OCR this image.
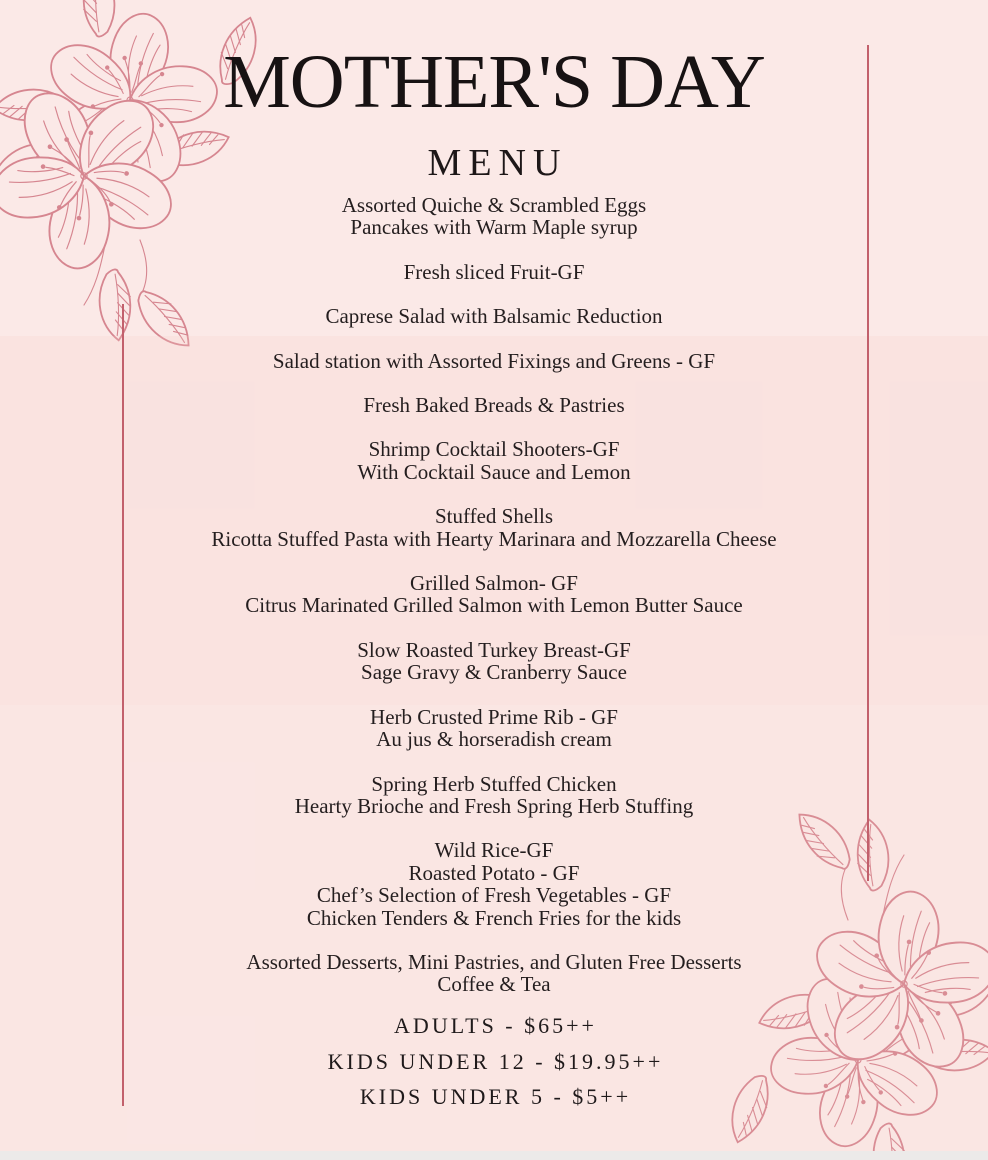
MOTHER'S DAY
MENU
Assorted Quiche & Scrambled Eggs
Pancakes with Warm Maple syrup
Fresh sliced Fruit-GF
Caprese Salad with Balsamic Reduction
Salad station with Assorted Fixings and Greens - GF
Fresh Baked Breads & Pastries
Shrimp Cocktail Shooters-GF
With Cocktail Sauce and Lemon
Stuffed Shells
Ricotta Stuffed Pasta with Hearty Marinara and Mozzarella Cheese
Grilled Salmon- GF
Citrus Marinated Grilled Salmon with Lemon Butter Sauce
Slow Roasted Turkey Breast-GF
Sage Gravy & Cranberry Sauce
Herb Crusted Prime Rib - GF
Au jus & horseradish cream
Spring Herb Stuffed Chicken
Hearty Brioche and Fresh Spring Herb Stuffing
Wild Rice-GF
Roasted Potato - GF
Chef’s Selection of Fresh Vegetables - GF
Chicken Tenders & French Fries for the kids
Assorted Desserts, Mini Pastries, and Gluten Free Desserts
Coffee & Tea
ADULTS - $65++
KIDS UNDER 12 - $19.95++
KIDS UNDER 5 - $5++
